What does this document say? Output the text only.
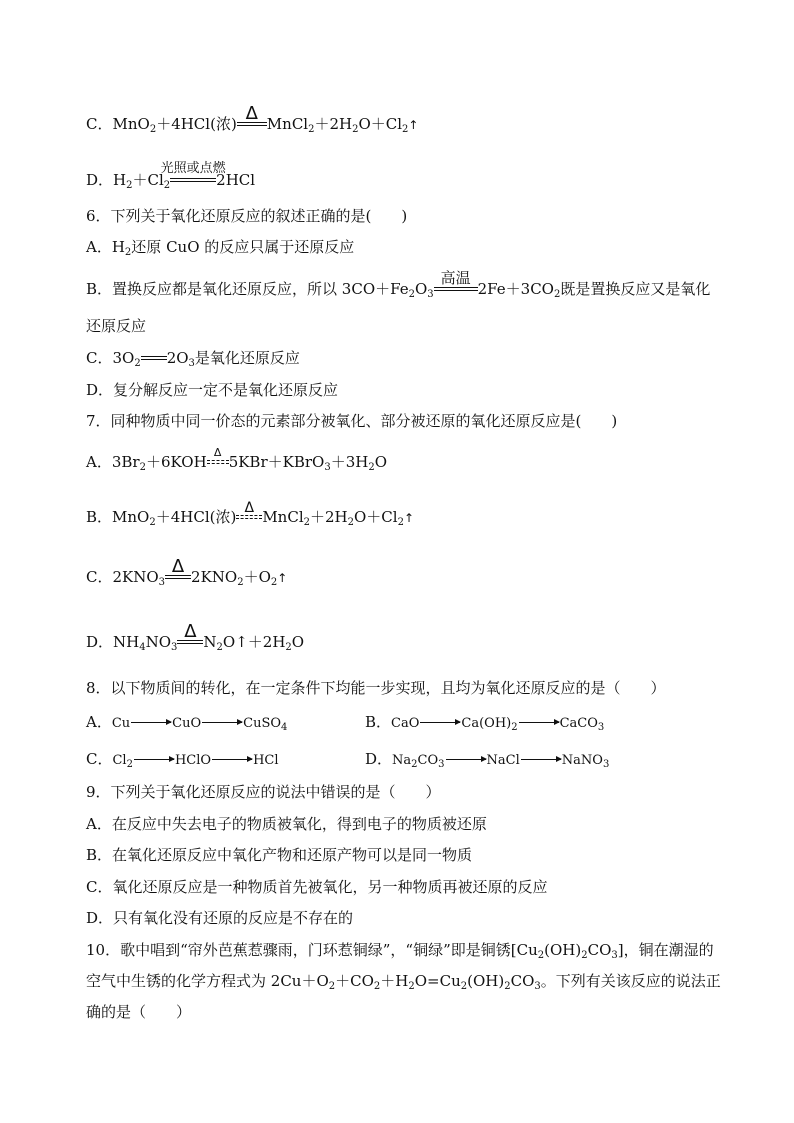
C．MnO$_2$＋4HCl(浓) Δ $MnCl_2+2H_2O+Cl_2↑$
D．$H_2+Cl_2$
光照或点燃
2HCl
6．下列关于氧化还原反应的叙述正确的是(　　)
A．$H_2$还原 CuO 的反应只属于还原反应
B．置换反应都是氧化还原反应，所以 $3CO+Fe_2O_3$
高温
$2Fe+3CO_2$既是置换反应又是氧化
还原反应
C．$3O_2$ $2O_3$是氧化还原反应
D．复分解反应一定不是氧化还原反应
7．同种物质中同一价态的元素部分被氧化、部分被还原的氧化还原反应是(　　)
A．$3Br_2+6KOH$
Δ
$5KBr+KBrO_3+3H_2O$
B．MnO$_2$＋4HCl(浓) Δ $MnCl_2+2H_2O+Cl_2↑$
C．$2KNO_3$
Δ $2KNO_2+O_2↑$
D．$NH_4NO_3$
Δ $N_2O↑+2H_2O$
8．以下物质间的转化，在一定条件下均能一步实现，且均为氧化还原反应的是（　　）
A．Cu	CuO	CuSO$_4$	B．CaO	$Ca(OH)_2$	CaCO$_3$
C．$Cl_2$	HClO	HCl	D．$Na_2CO_3$	NaCl	NaNO$_3$
9．下列关于氧化还原反应的说法中错误的是（　　）
A．在反应中失去电子的物质被氧化，得到电子的物质被还原
B．在氧化还原反应中氧化产物和还原产物可以是同一物质
C．氧化还原反应是一种物质首先被氧化，另一种物质再被还原的反应
D．只有氧化没有还原的反应是不存在的
10．歌中唱到“帘外芭蕉惹骤雨，门环惹铜绿”，“铜绿”即是铜锈$[Cu_2(OH)_2CO_3]$，铜在潮湿的
空气中生锈的化学方程式为 $2Cu+O_2+CO_2+H_2O=Cu_2(OH)_2CO_3$。下列有关该反应的说法正
确的是（　　）
